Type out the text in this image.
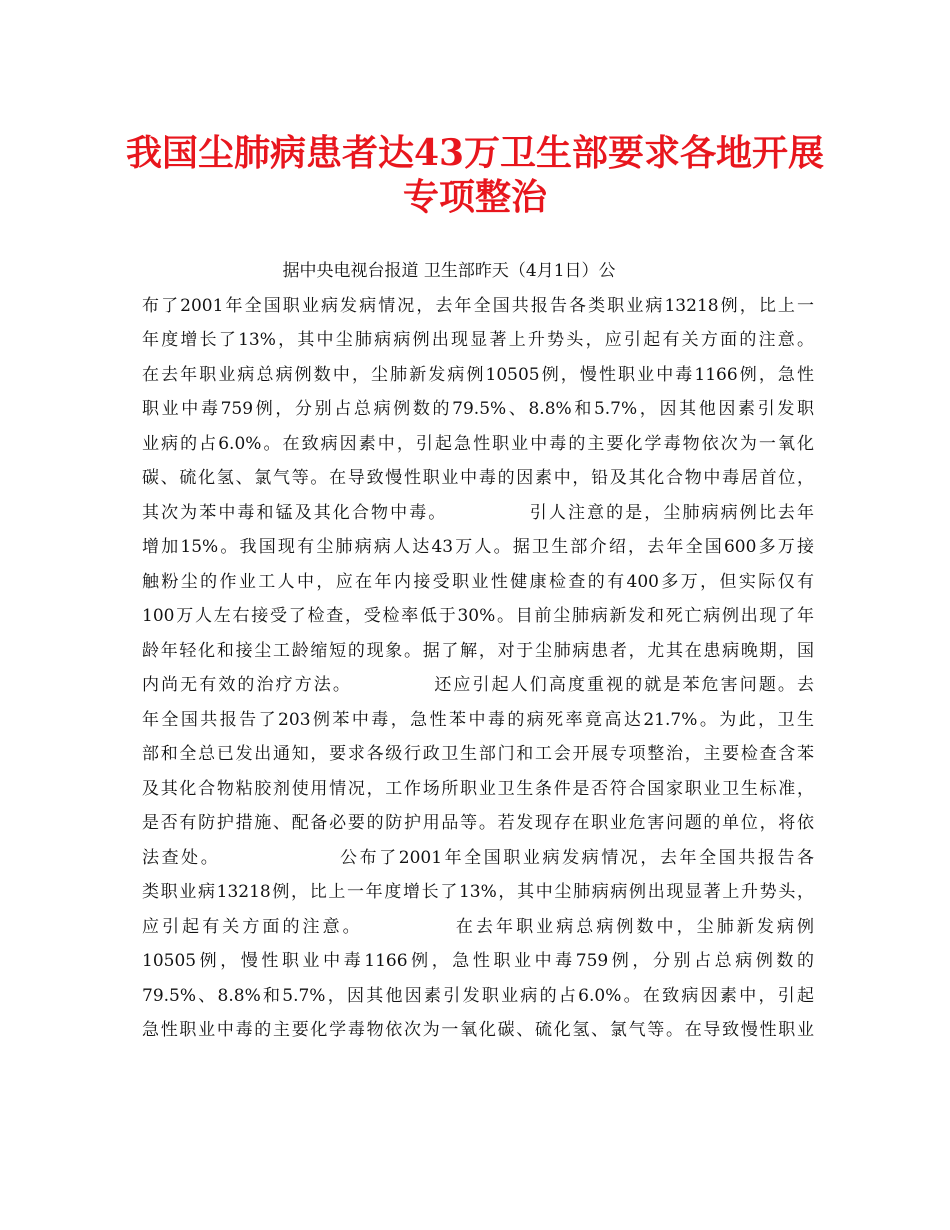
我国尘肺病患者达43万卫生部要求各地开展
专项整治
据中央电视台报道 卫生部昨天（4月1日）公
布了2001年全国职业病发病情况，去年全国共报告各类职业病13218例，比上一
年度增长了13%，其中尘肺病病例出现显著上升势头，应引起有关方面的注意。
在去年职业病总病例数中，尘肺新发病例10505例，慢性职业中毒1166例，急性
职业中毒759例，分别占总病例数的79.5%、8.8%和5.7%，因其他因素引发职
业病的占6.0%。在致病因素中，引起急性职业中毒的主要化学毒物依次为一氧化
碳、硫化氢、氯气等。在导致慢性职业中毒的因素中，铅及其化合物中毒居首位，
其次为苯中毒和锰及其化合物中毒。           引人注意的是，尘肺病病例比去年
增加15%。我国现有尘肺病病人达43万人。据卫生部介绍，去年全国600多万接
触粉尘的作业工人中，应在年内接受职业性健康检查的有400多万，但实际仅有
100万人左右接受了检查，受检率低于30%。目前尘肺病新发和死亡病例出现了年
龄年轻化和接尘工龄缩短的现象。据了解，对于尘肺病患者，尤其在患病晚期，国
内尚无有效的治疗方法。           还应引起人们高度重视的就是苯危害问题。去
年全国共报告了203例苯中毒，急性苯中毒的病死率竟高达21.7%。为此，卫生
部和全总已发出通知，要求各级行政卫生部门和工会开展专项整治，主要检查含苯
及其化合物粘胶剂使用情况，工作场所职业卫生条件是否符合国家职业卫生标准，
是否有防护措施、配备必要的防护用品等。若发现存在职业危害问题的单位，将依
法查处。               公布了2001年全国职业病发病情况，去年全国共报告各
类职业病13218例，比上一年度增长了13%，其中尘肺病病例出现显著上升势头，
应引起有关方面的注意。           在去年职业病总病例数中，尘肺新发病例
10505例，慢性职业中毒1166例，急性职业中毒759例，分别占总病例数的
79.5%、8.8%和5.7%，因其他因素引发职业病的占6.0%。在致病因素中，引起
急性职业中毒的主要化学毒物依次为一氧化碳、硫化氢、氯气等。在导致慢性职业
